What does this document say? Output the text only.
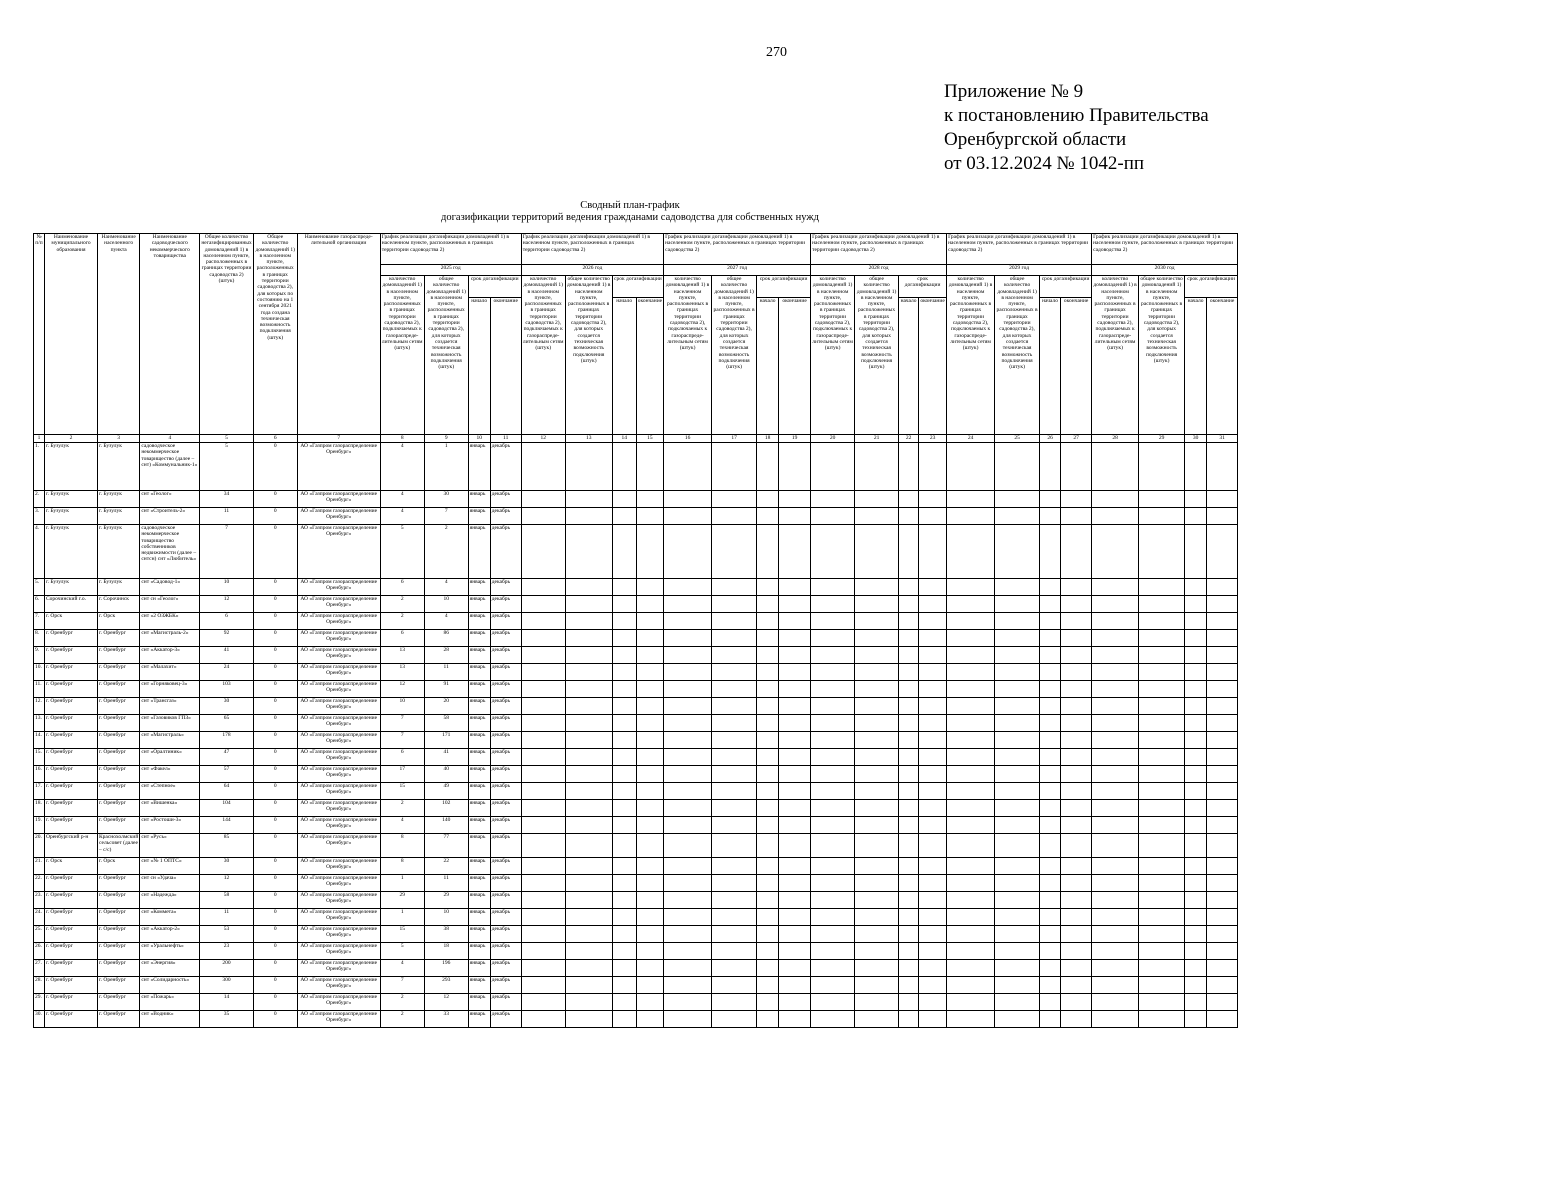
270
Приложение № 9
к постановлению Правительства
Оренбургской области
от 03.12.2024 № 1042-пп
Сводный план-график
догазификации территорий ведения гражданами садоводства для собственных нужд
№ п/п	Наименование муниципального образования	Наименование населенного пункта	Наименование садоводческого некоммерческого товарищества	Общее количество негазифицированных домовладений 1) в населенном пункте, расположенных в границах территории садоводства 2) (штук)	Общее количество домовладений 1) в населенном пункте, расположенных в границах территории садоводства 2), для которых по состоянию на 1 сентября 2021 года создана техническая возможность подключения (штук)	Наименование газораспреде-лительной организации	График реализации догазификации домовладений 1) в населенном пункте, расположенных в границах территории садоводства 2)				График реализации догазификации домовладений 1) в населенном пункте, расположенных в границах территории садоводства 2)				График реализации догазификации домовладений 1) в населенном пункте, расположенных в границах территории садоводства 2)				График реализации догазификации домовладений 1) в населенном пункте, расположенных в границах территории садоводства 2)				График реализации догазификации домовладений 1) в населенном пункте, расположенных в границах территории садоводства 2)				График реализации догазификации домовладений 1) в населенном пункте, расположенных в границах территории садоводства 2)			
							2025 год				2026 год				2027 год				2028 год				2029 год				2030 год			
							количество домовладений 1) в населенном пункте, расположенных в границах территории садоводства 2), подключаемых к газораспреде-лительным сетям (штук)	общее количество домовладений 1) в населенном пункте, расположенных в границах территории садоводства 2), для которых создается техническая возможность подключения (штук)	срок догазификации		количество домовладений 1) в населенном пункте, расположенных в границах территории садоводства 2), подключаемых к газораспреде-лительным сетям (штук)	общее количество домовладений 1) в населенном пункте, расположенных в границах территории садоводства 2), для которых создается техническая возможность подключения (штук)	срок догазификации		количество домовладений 1) в населенном пункте, расположенных в границах территории садоводства 2), подключаемых к газораспреде-лительным сетям (штук)	общее количество домовладений 1) в населенном пункте, расположенных в границах территории садоводства 2), для которых создается техническая возможность подключения (штук)	срок догазификации		количество домовладений 1) в населенном пункте, расположенных в границах территории садоводства 2), подключаемых к газораспреде-лительным сетям (штук)	общее количество домовладений 1) в населенном пункте, расположенных в границах территории садоводства 2), для которых создается техническая возможность подключения (штук)	срок догазификации		количество домовладений 1) в населенном пункте, расположенных в границах территории садоводства 2), подключаемых к газораспреде-лительным сетям (штук)	общее количество домовладений 1) в населенном пункте, расположенных в границах территории садоводства 2), для которых создается техническая возможность подключения (штук)	срок догазификации		количество домовладений 1) в населенном пункте, расположенных в границах территории садоводства 2), подключаемых к газораспреде-лительным сетям (штук)	общее количество домовладений 1) в населенном пункте, расположенных в границах территории садоводства 2), для которых создается техническая возможность подключения (штук)	срок догазификации	
									начало	окончание			начало	окончание			начало	окончание			начало	окончание			начало	окончание			начало	окончание
1	2	3	4	5	6	7	8	9	10	11	12	13	14	15	16	17	18	19	20	21	22	23	24	25	26	27	28	29	30	31
1.	г. Бузулук	г. Бузулук	садоводческое некоммерческое товарищество (далее – снт) «Коммунальник-1»	5	0	АО «Газпром газораспределение Оренбург»	4	1	январь	декабрь																				
2.	г. Бузулук	г. Бузулук	снт «Геолог»	34	0	АО «Газпром газораспределение Оренбург»	4	30	январь	декабрь																				
3.	г. Бузулук	г. Бузулук	снт «Строитель-2»	11	0	АО «Газпром газораспределение Оренбург»	4	7	январь	декабрь																				
4.	г. Бузулук	г. Бузулук	садоводческое некоммерческое товарищество собственников недвижимости (далее – снтсн) снт «Любитель»	7	0	АО «Газпром газораспределение Оренбург»	5	2	январь	декабрь																				
5.	г. Бузулук	г. Бузулук	снт «Садовод-1»	10	0	АО «Газпром газораспределение Оренбург»	6	4	январь	декабрь																				
6.	Сорочинский г.о.	г. Сорочинск	снт сн «Геолог»	12	0	АО «Газпром газораспределение Оренбург»	2	10	январь	декабрь																				
7.	г. Орск	г. Орск	снт «2 ОЗЖБК»	6	0	АО «Газпром газораспределение Оренбург»	2	4	январь	декабрь																				
8.	г. Оренбург	г. Оренбург	снт «Магистраль-2»	92	0	АО «Газпром газораспределение Оренбург»	6	86	январь	декабрь																				
9.	г. Оренбург	г. Оренбург	снт «Аккатор-3»	41	0	АО «Газпром газораспределение Оренбург»	13	28	январь	декабрь																				
10.	г. Оренбург	г. Оренбург	снт «Малахит»	24	0	АО «Газпром газораспределение Оренбург»	13	11	январь	декабрь																				
11.	г. Оренбург	г. Оренбург	снт «Горняковец-3»	103	0	АО «Газпром газораспределение Оренбург»	12	91	январь	декабрь																				
12.	г. Оренбург	г. Оренбург	снт «Трансгаз»	30	0	АО «Газпром газораспределение Оренбург»	10	20	январь	декабрь																				
13.	г. Оренбург	г. Оренбург	снт «Газовиков ГПЗ»	65	0	АО «Газпром газораспределение Оренбург»	7	58	январь	декабрь																				
14.	г. Оренбург	г. Оренбург	снт «Магистраль»	178	0	АО «Газпром газораспределение Оренбург»	7	171	январь	декабрь																				
15.	г. Оренбург	г. Оренбург	снт «Оралтиник»	47	0	АО «Газпром газораспределение Оренбург»	6	41	январь	декабрь																				
16.	г. Оренбург	г. Оренбург	снт «Факел»	57	0	АО «Газпром газораспределение Оренбург»	17	40	январь	декабрь																				
17.	г. Оренбург	г. Оренбург	снт «Степное»	64	0	АО «Газпром газораспределение Оренбург»	15	49	январь	декабрь																				
18.	г. Оренбург	г. Оренбург	снт «Вишенка»	104	0	АО «Газпром газораспределение Оренбург»	2	102	январь	декабрь																				
19.	г. Оренбург	г. Оренбург	снт «Ростоши-3»	144	0	АО «Газпром газораспределение Оренбург»	4	140	январь	декабрь																				
20.	Оренбургский р-н	Краснохолмский сельсовет (далее – с/с)	снт «Русь»	85	0	АО «Газпром газораспределение Оренбург»	8	77	январь	декабрь																				
21.	г. Орск	г. Орск	снт «№ 1 ОПТС»	30	0	АО «Газпром газораспределение Оренбург»	8	22	январь	декабрь																				
22.	г. Оренбург	г. Оренбург	снт сн «Удача»	12	0	АО «Газпром газораспределение Оренбург»	1	11	январь	декабрь																				
23.	г. Оренбург	г. Оренбург	снт «Надежда»	58	0	АО «Газпром газораспределение Оренбург»	29	29	январь	декабрь																				
24.	г. Оренбург	г. Оренбург	снт «Коммета»	11	0	АО «Газпром газораспределение Оренбург»	1	10	январь	декабрь																				
25.	г. Оренбург	г. Оренбург	снт «Аккатор-2»	53	0	АО «Газпром газораспределение Оренбург»	15	38	январь	декабрь																				
26.	г. Оренбург	г. Оренбург	снт «Уральнефть»	23	0	АО «Газпром газораспределение Оренбург»	5	18	январь	декабрь																				
27.	г. Оренбург	г. Оренбург	снт «Энергия»	200	0	АО «Газпром газораспределение Оренбург»	4	196	январь	декабрь																				
28.	г. Оренбург	г. Оренбург	снт «Солидарность»	300	0	АО «Газпром газораспределение Оренбург»	7	293	январь	декабрь																				
29.	г. Оренбург	г. Оренбург	снт «Пожарь»	14	0	АО «Газпром газораспределение Оренбург»	2	12	январь	декабрь																				
30.	г. Оренбург	г. Оренбург	снт «Водник»	35	0	АО «Газпром газораспределение Оренбург»	2	33	январь	декабрь																				
